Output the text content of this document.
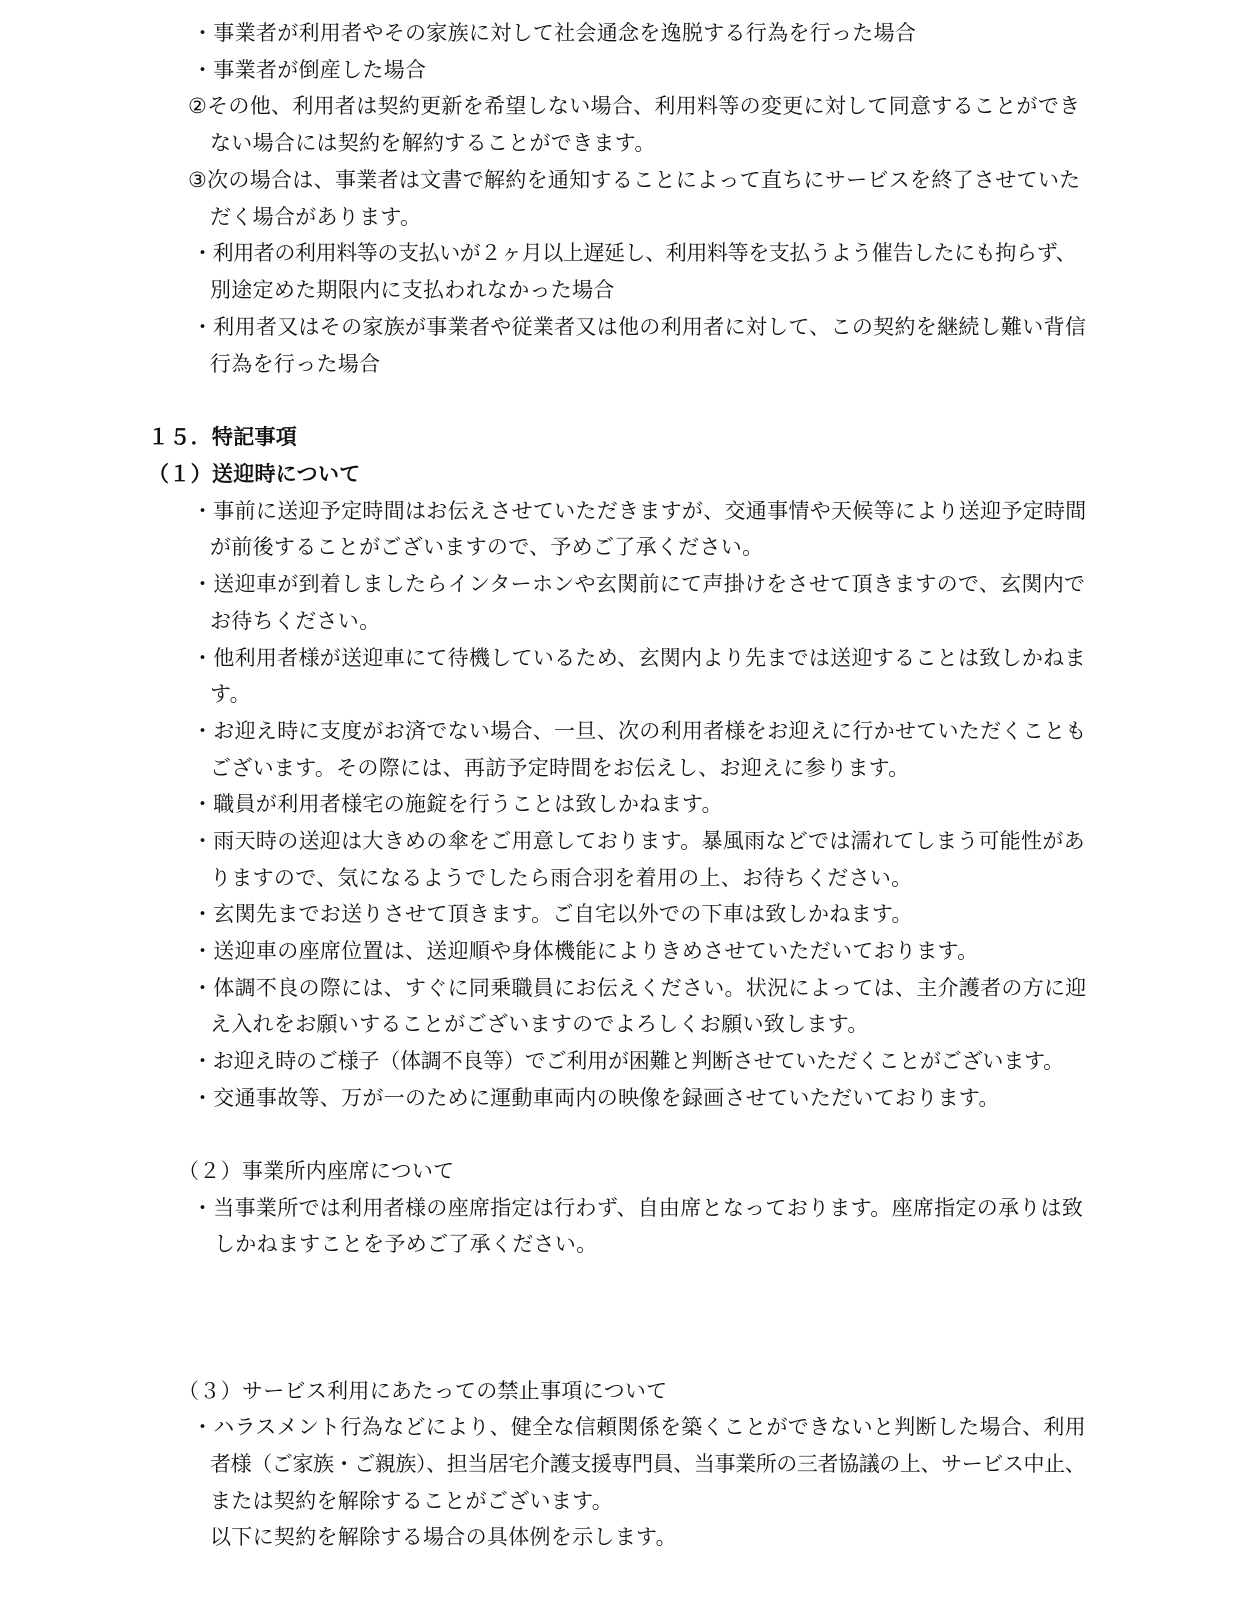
・事業者が利用者やその家族に対して社会通念を逸脱する行為を行った場合
・事業者が倒産した場合
②その他、利用者は契約更新を希望しない場合、利用料等の変更に対して同意することができ
ない場合には契約を解約することができます。
③次の場合は、事業者は文書で解約を通知することによって直ちにサービスを終了させていた
だく場合があります。
・利用者の利用料等の支払いが２ヶ月以上遅延し、利用料等を支払うよう催告したにも拘らず、
別途定めた期限内に支払われなかった場合
・利用者又はその家族が事業者や従業者又は他の利用者に対して、この契約を継続し難い背信
行為を行った場合
１５．特記事項
（１）送迎時について
・事前に送迎予定時間はお伝えさせていただきますが、交通事情や天候等により送迎予定時間
が前後することがございますので、予めご了承ください。
・送迎車が到着しましたらインターホンや玄関前にて声掛けをさせて頂きますので、玄関内で
お待ちください。
・他利用者様が送迎車にて待機しているため、玄関内より先までは送迎することは致しかねま
す。
・お迎え時に支度がお済でない場合、一旦、次の利用者様をお迎えに行かせていただくことも
ございます。その際には、再訪予定時間をお伝えし、お迎えに参ります。
・職員が利用者様宅の施錠を行うことは致しかねます。
・雨天時の送迎は大きめの傘をご用意しております。暴風雨などでは濡れてしまう可能性があ
りますので、気になるようでしたら雨合羽を着用の上、お待ちください。
・玄関先までお送りさせて頂きます。ご自宅以外での下車は致しかねます。
・送迎車の座席位置は、送迎順や身体機能によりきめさせていただいております。
・体調不良の際には、すぐに同乗職員にお伝えください。状況によっては、主介護者の方に迎
え入れをお願いすることがございますのでよろしくお願い致します。
・お迎え時のご様子（体調不良等）でご利用が困難と判断させていただくことがございます。
・交通事故等、万が一のために運動車両内の映像を録画させていただいております。
（２）事業所内座席について
・当事業所では利用者様の座席指定は行わず、自由席となっております。座席指定の承りは致
しかねますことを予めご了承ください。
（３）サービス利用にあたっての禁止事項について
・ハラスメント行為などにより、健全な信頼関係を築くことができないと判断した場合、利用
者様（ご家族・ご親族）、担当居宅介護支援専門員、当事業所の三者協議の上、サービス中止、
または契約を解除することがございます。
以下に契約を解除する場合の具体例を示します。
